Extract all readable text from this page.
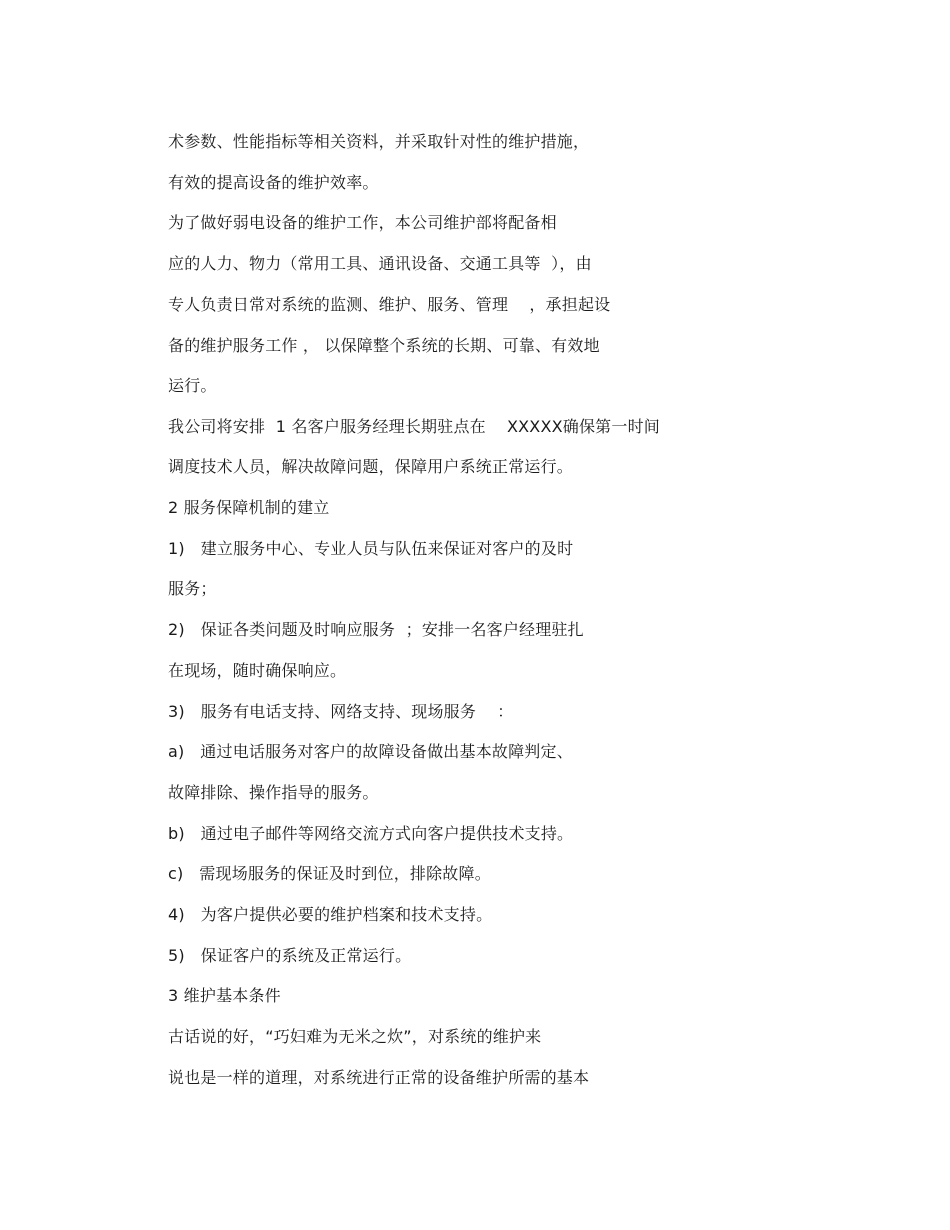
术参数、性能指标等相关资料，并采取针对性的维护措施，
有效的提高设备的维护效率。
为了做好弱电设备的维护工作，本公司维护部将配备相
应的人力、物力（常用工具、通讯设备、交通工具等  ），由
专人负责日常对系统的监测、维护、服务、管理    ，承担起设
备的维护服务工作 ， 以保障整个系统的长期、可靠、有效地
运行。
我公司将安排  1 名客户服务经理长期驻点在    XXXXX确保第一时间
调度技术人员，解决故障问题，保障用户系统正常运行。
2 服务保障机制的建立
1)   建立服务中心、专业人员与队伍来保证对客户的及时
服务；
2)   保证各类问题及时响应服务  ；安排一名客户经理驻扎
在现场，随时确保响应。
3)   服务有电话支持、网络支持、现场服务    ：
a)   通过电话服务对客户的故障设备做出基本故障判定、
故障排除、操作指导的服务。
b)   通过电子邮件等网络交流方式向客户提供技术支持。
c)   需现场服务的保证及时到位，排除故障。
4)   为客户提供必要的维护档案和技术支持。
5)   保证客户的系统及正常运行。
3 维护基本条件
古话说的好，“巧妇难为无米之炊”，对系统的维护来
说也是一样的道理，对系统进行正常的设备维护所需的基本
